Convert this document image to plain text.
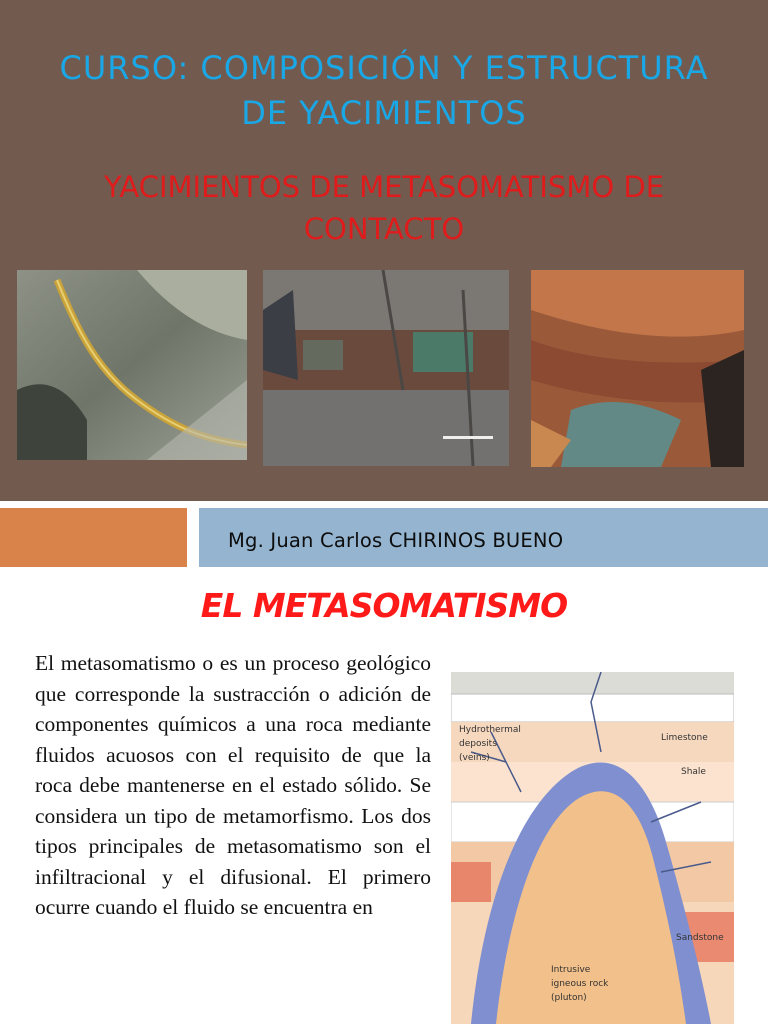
CURSO: COMPOSICIÓN Y ESTRUCTURA DE YACIMIENTOS
YACIMIENTOS DE METASOMATISMO DE CONTACTO
Mg. Juan Carlos CHIRINOS BUENO
EL METASOMATISMO
El metasomatismo o es un proceso geológico que corresponde la sustracción o adición de componentes químicos a una roca mediante fluidos acuosos con el requisito de que la roca debe mantenerse en el estado sólido. Se considera un tipo de metamorfismo. Los dos tipos principales de metasomatismo son el infiltracional y el difusional. El primero ocurre cuando el fluido se encuentra en
Hydrothermal
deposits
(veins)
Limestone
Shale
Sandstone
Intrusive
igneous rock
(pluton)
